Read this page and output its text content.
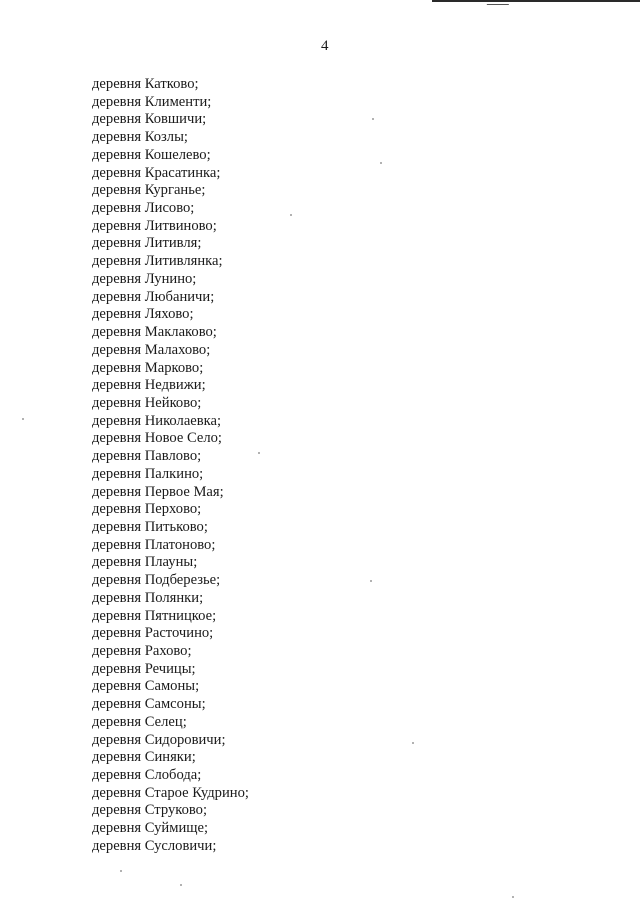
4
деревня Катково;
деревня Клименти;
деревня Ковшичи;
деревня Козлы;
деревня Кошелево;
деревня Красатинка;
деревня Курганье;
деревня Лисово;
деревня Литвиново;
деревня Литивля;
деревня Литивлянка;
деревня Лунино;
деревня Любаничи;
деревня Ляхово;
деревня Маклаково;
деревня Малахово;
деревня Марково;
деревня Недвижи;
деревня Нейково;
деревня Николаевка;
деревня Новое Село;
деревня Павлово;
деревня Палкино;
деревня Первое Мая;
деревня Перхово;
деревня Питьково;
деревня Платоново;
деревня Плауны;
деревня Подберезье;
деревня Полянки;
деревня Пятницкое;
деревня Расточино;
деревня Рахово;
деревня Речицы;
деревня Самоны;
деревня Самсоны;
деревня Селец;
деревня Сидоровичи;
деревня Синяки;
деревня Слобода;
деревня Старое Кудрино;
деревня Струково;
деревня Суймище;
деревня Сусловичи;
